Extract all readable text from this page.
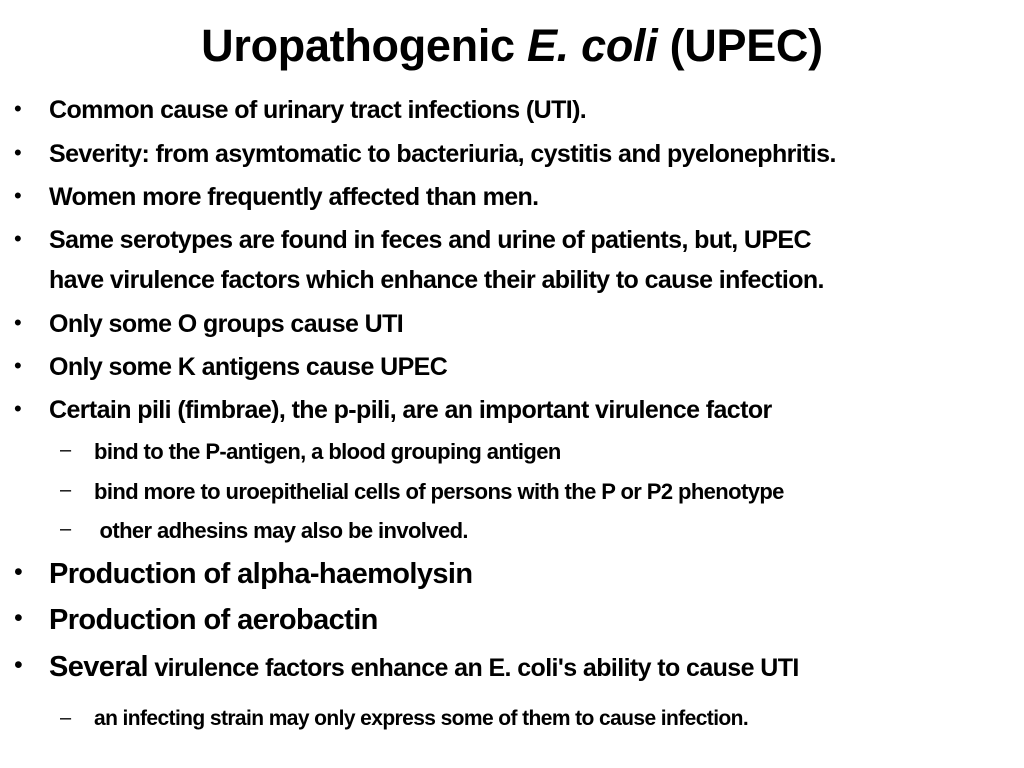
Uropathogenic E. coli (UPEC)
• Common cause of urinary tract infections (UTI).
• Severity: from asymtomatic to bacteriuria, cystitis and pyelonephritis.
• Women more frequently affected than men.
• Same serotypes are found in feces and urine of patients, but, UPEC
have virulence factors which enhance their ability to cause infection.
• Only some O groups cause UTI
• Only some K antigens cause UPEC
• Certain pili (fimbrae), the p-pili, are an important virulence factor
– bind to the P-antigen, a blood grouping antigen
– bind more to uroepithelial cells of persons with the P or P2 phenotype
– other adhesins may also be involved.
• Production of alpha-haemolysin
• Production of aerobactin
• Several virulence factors enhance an E. coli's ability to cause UTI
– an infecting strain may only express some of them to cause infection.
